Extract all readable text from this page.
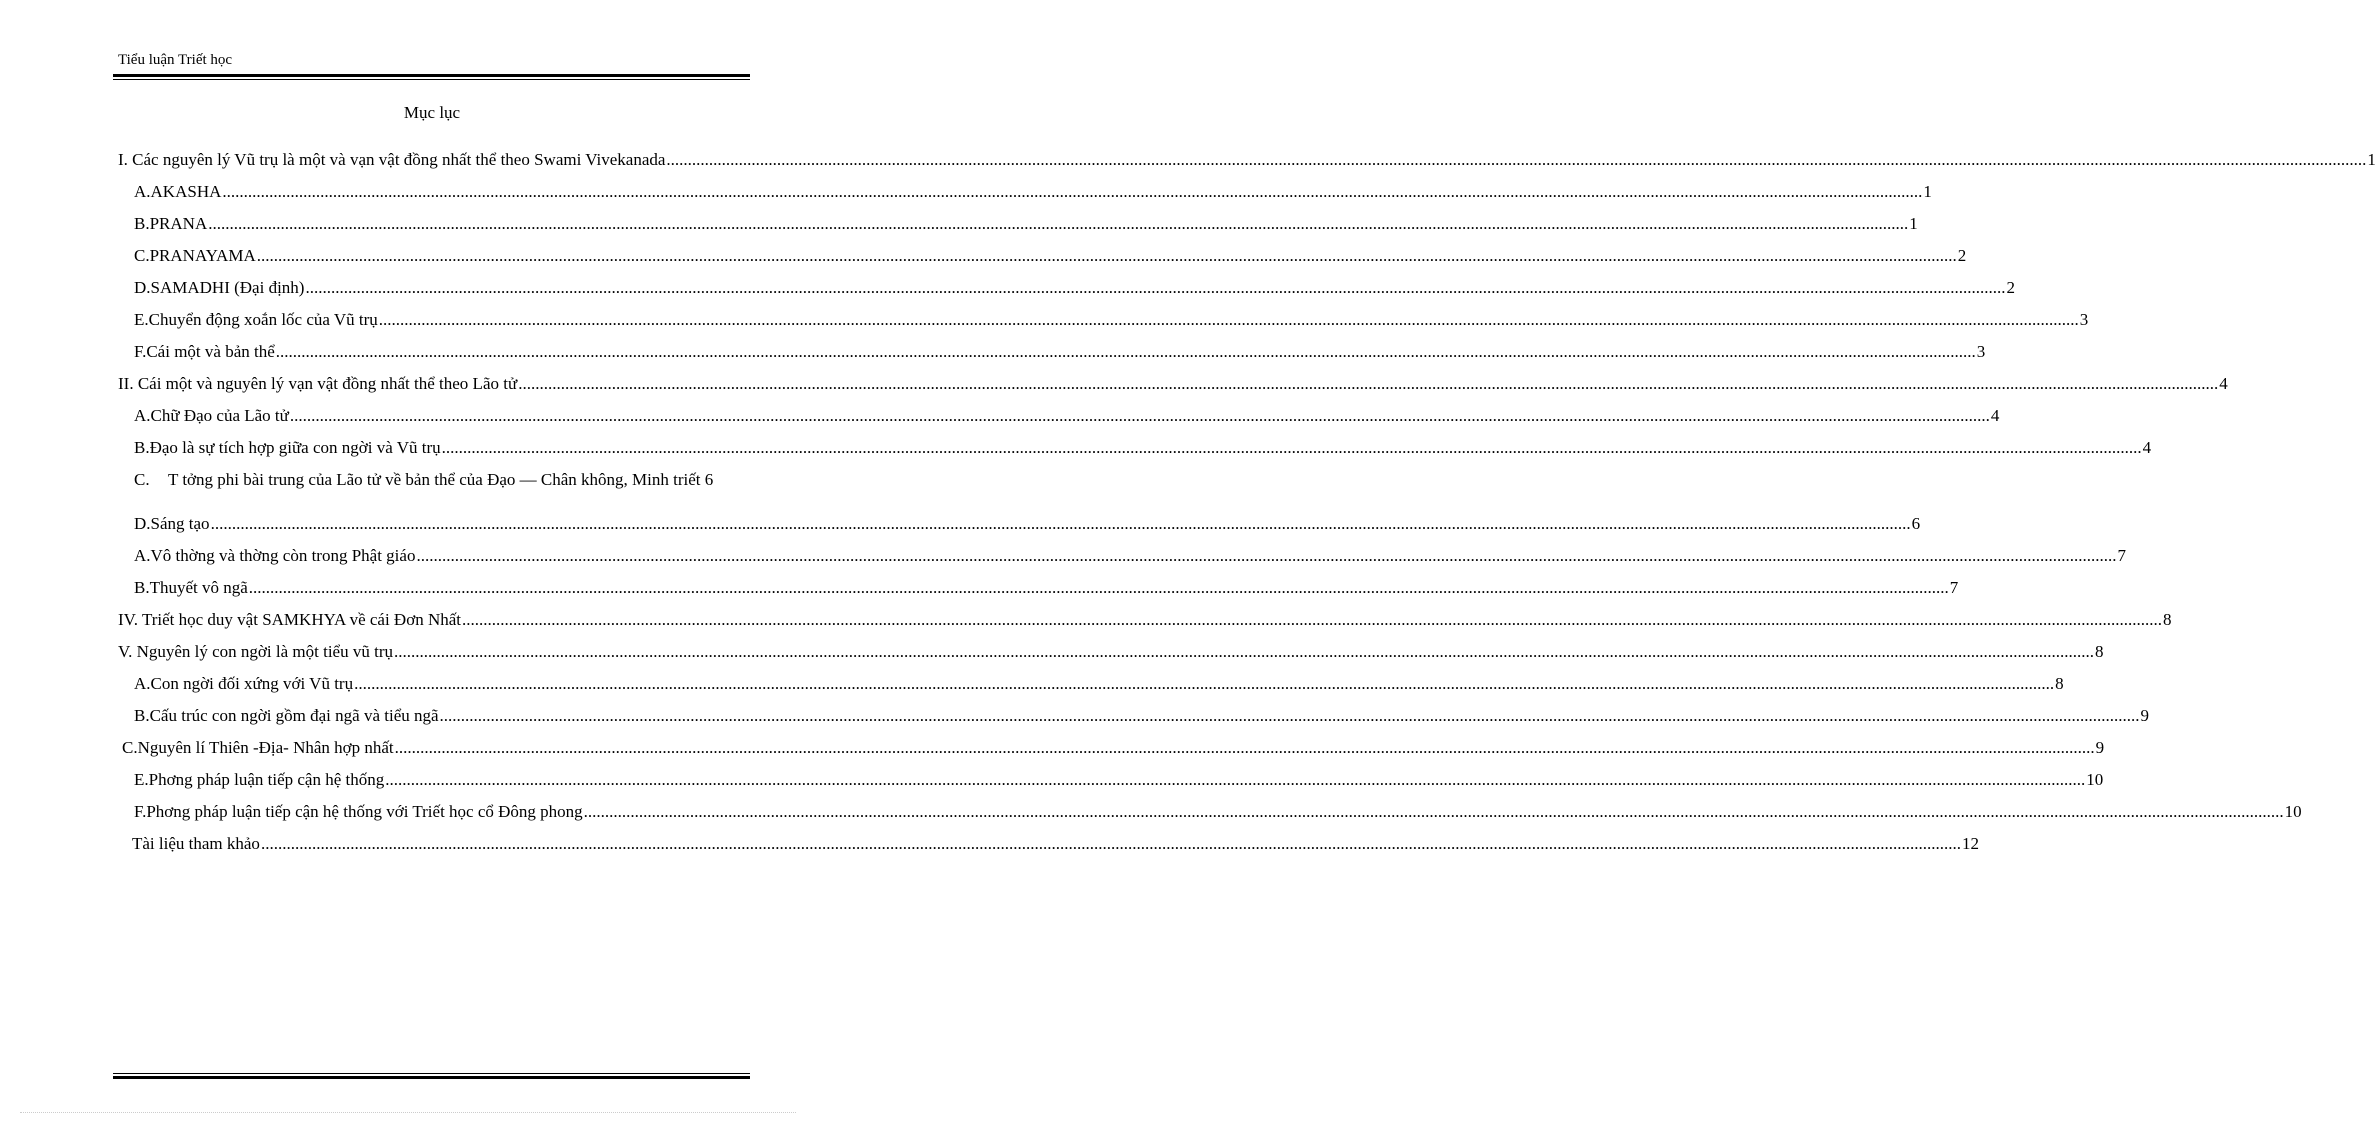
Tiểu luận Triết học
Mục lục
I. Các nguyên lý Vũ trụ là một và vạn vật đồng nhất thể theo Swami Vivekanada ................................................................................................................................................................................................................................................................................................................................................................................................................ 1
A. AKASHA ................................................................................................................................................................................................................................................................................................................................................................................................................ 1
B. PRANA ................................................................................................................................................................................................................................................................................................................................................................................................................ 1
C. PRANAYAMA ................................................................................................................................................................................................................................................................................................................................................................................................................ 2
D. SAMADHI (Đại định) ................................................................................................................................................................................................................................................................................................................................................................................................................ 2
E. Chuyển động xoắn lốc của Vũ trụ ................................................................................................................................................................................................................................................................................................................................................................................................................ 3
F. Cái một và bản thể ................................................................................................................................................................................................................................................................................................................................................................................................................ 3
II. Cái một và nguyên lý vạn vật đồng nhất thể theo Lão tử ................................................................................................................................................................................................................................................................................................................................................................................................................ 4
A. Chữ Đạo của Lão tử ................................................................................................................................................................................................................................................................................................................................................................................................................ 4
B. Đạo là sự tích hợp giữa con ngời và Vũ trụ ................................................................................................................................................................................................................................................................................................................................................................................................................ 4
C. T tởng phi bài trung của Lão tử về bản thể của Đạo — Chân không, Minh triết 6
D. Sáng tạo ................................................................................................................................................................................................................................................................................................................................................................................................................ 6
A. Vô thờng và thờng còn trong Phật giáo ................................................................................................................................................................................................................................................................................................................................................................................................................ 7
B. Thuyết vô ngã ................................................................................................................................................................................................................................................................................................................................................................................................................ 7
IV. Triết học duy vật SAMKHYA về cái Đơn Nhất ................................................................................................................................................................................................................................................................................................................................................................................................................ 8
V. Nguyên lý con ngời là một tiểu vũ trụ ................................................................................................................................................................................................................................................................................................................................................................................................................ 8
A. Con ngời đối xứng với Vũ trụ ................................................................................................................................................................................................................................................................................................................................................................................................................ 8
B. Cấu trúc con ngời gồm đại ngã và tiểu ngã ................................................................................................................................................................................................................................................................................................................................................................................................................ 9
C. Nguyên lí Thiên -Địa- Nhân hợp nhất ................................................................................................................................................................................................................................................................................................................................................................................................................ 9
E. Phơng pháp luận tiếp cận hệ thống ................................................................................................................................................................................................................................................................................................................................................................................................................ 10
F. Phơng pháp luận tiếp cận hệ thống với Triết học cổ Đông phong ................................................................................................................................................................................................................................................................................................................................................................................................................ 10
Tài liệu tham khảo ................................................................................................................................................................................................................................................................................................................................................................................................................ 12
